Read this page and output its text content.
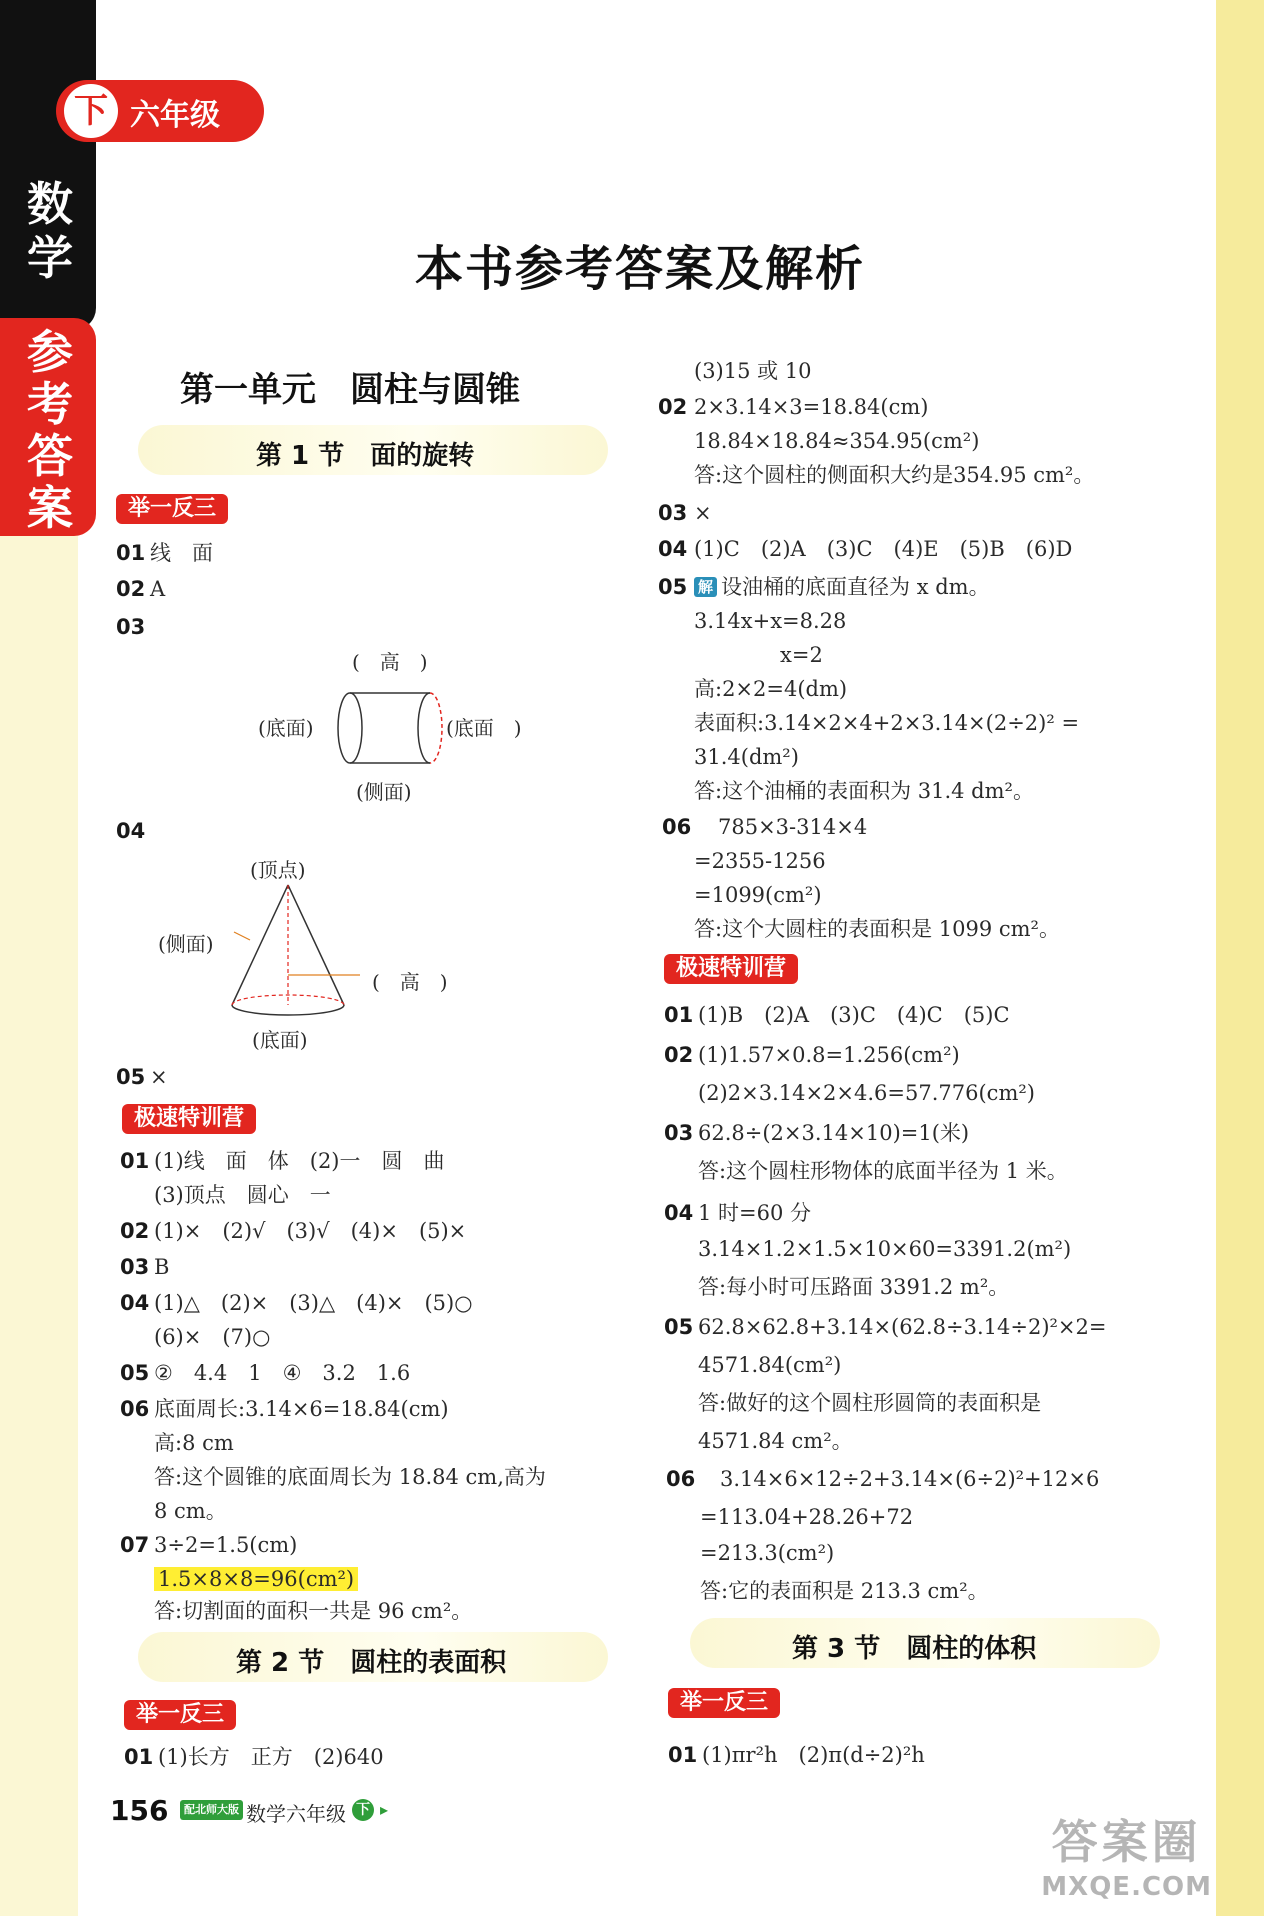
下 六年级
数
学
参
考
答
案
本书参考答案及解析
第一单元　圆柱与圆锥
第 1 节　面的旋转
举一反三
01 线　面
02 A
03
(　高　)
(底面)	(底面　)
(侧面)
04
(顶点)
(侧面)
(　高　)
(底面)
05 ×
极速特训营
01 (1)线　面　体　(2)一　圆　曲
(3)顶点　圆心　一
02 (1)×　(2)√　(3)√　(4)×　(5)×
03 B
04 (1)△　(2)×　(3)△　(4)×　(5)○
(6)×　(7)○
05 ②　4.4　1　④　3.2　1.6
06 底面周长:3.14×6=18.84(cm)
高:8 cm
答:这个圆锥的底面周长为 18.84 cm,高为
8 cm。
07 3÷2=1.5(cm)
1.5×8×8=96(cm²)
答:切割面的面积一共是 96 cm²。
第 2 节　圆柱的表面积
举一反三
01 (1)长方　正方　(2)640
(3)15 或 10
02 2×3.14×3=18.84(cm)
18.84×18.84≈354.95(cm²)
答:这个圆柱的侧面积大约是354.95 cm²。
03 ×
04 (1)C　(2)A　(3)C　(4)E　(5)B　(6)D
05 解 设油桶的底面直径为 x dm。
3.14x+x=8.28
x=2
高:2×2=4(dm)
表面积:3.14×2×4+2×3.14×(2÷2)² =
31.4(dm²)
答:这个油桶的表面积为 31.4 dm²。
06 785×3-314×4
=2355-1256
=1099(cm²)
答:这个大圆柱的表面积是 1099 cm²。
极速特训营
01 (1)B　(2)A　(3)C　(4)C　(5)C
02 (1)1.57×0.8=1.256(cm²)
(2)2×3.14×2×4.6=57.776(cm²)
03 62.8÷(2×3.14×10)=1(米)
答:这个圆柱形物体的底面半径为 1 米。
04 1 时=60 分
3.14×1.2×1.5×10×60=3391.2(m²)
答:每小时可压路面 3391.2 m²。
05 62.8×62.8+3.14×(62.8÷3.14÷2)²×2=
4571.84(cm²)
答:做好的这个圆柱形圆筒的表面积是
4571.84 cm²。
06 3.14×6×12÷2+3.14×(6÷2)²+12×6
=113.04+28.26+72
=213.3(cm²)
答:它的表面积是 213.3 cm²。
第 3 节　圆柱的体积
举一反三
01 (1)πr²h　(2)π(d÷2)²h
156	配北师大版 数学六年级 下 ▸
答案圈
MXQE.COM
